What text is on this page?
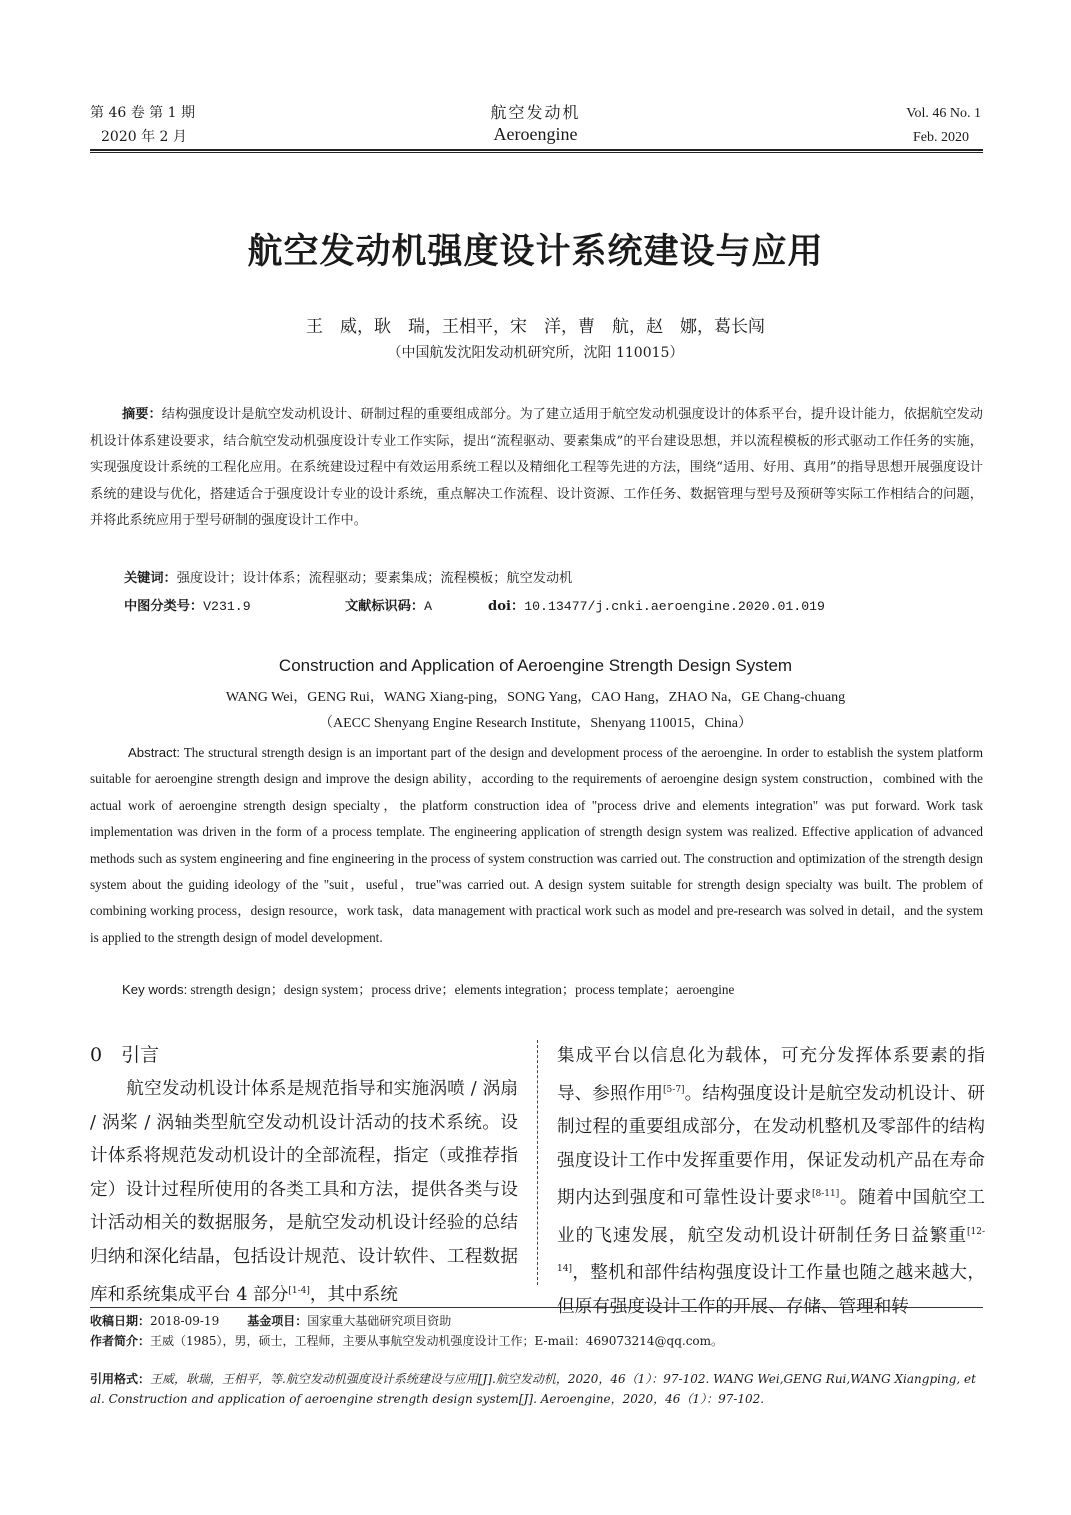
第 46 卷 第 1 期
2020 年 2 月
航空发动机
Aeroengine
Vol. 46 No. 1
Feb. 2020
航空发动机强度设计系统建设与应用
王　威，耿　瑞，王相平，宋　洋，曹　航，赵　娜，葛长闯
（中国航发沈阳发动机研究所，沈阳 110015）
摘要：结构强度设计是航空发动机设计、研制过程的重要组成部分。为了建立适用于航空发动机强度设计的体系平台，提升设计能力，依据航空发动机设计体系建设要求，结合航空发动机强度设计专业工作实际，提出“流程驱动、要素集成”的平台建设思想，并以流程模板的形式驱动工作任务的实施，实现强度设计系统的工程化应用。在系统建设过程中有效运用系统工程以及精细化工程等先进的方法，围绕“适用、好用、真用”的指导思想开展强度设计系统的建设与优化，搭建适合于强度设计专业的设计系统，重点解决工作流程、设计资源、工作任务、数据管理与型号及预研等实际工作相结合的问题，并将此系统应用于型号研制的强度设计工作中。
关键词：强度设计；设计体系；流程驱动；要素集成；流程模板；航空发动机
中图分类号：V231.9	文献标识码：A	doi：10.13477/j.cnki.aeroengine.2020.01.019
Construction and Application of Aeroengine Strength Design System
WANG Wei，GENG Rui，WANG Xiang-ping，SONG Yang，CAO Hang，ZHAO Na，GE Chang-chuang
（AECC Shenyang Engine Research Institute，Shenyang 110015，China）
Abstract: The structural strength design is an important part of the design and development process of the aeroengine. In order to establish the system platform suitable for aeroengine strength design and improve the design ability，according to the requirements of aeroengine design system construction，combined with the actual work of aeroengine strength design specialty，the platform construction idea of "process drive and elements integration" was put forward. Work task implementation was driven in the form of a process template. The engineering application of strength design system was realized. Effective application of advanced methods such as system engineering and fine engineering in the process of system construction was carried out. The construction and optimization of the strength design system about the guiding ideology of the "suit，useful，true"was carried out. A design system suitable for strength design specialty was built. The problem of combining working process，design resource，work task，data management with practical work such as model and pre-research was solved in detail，and the system is applied to the strength design of model development.
Key words: strength design；design system；process drive；elements integration；process template；aeroengine
0　引言
航空发动机设计体系是规范指导和实施涡喷 / 涡扇 / 涡桨 / 涡轴类型航空发动机设计活动的技术系统。设计体系将规范发动机设计的全部流程，指定（或推荐指定）设计过程所使用的各类工具和方法，提供各类与设计活动相关的数据服务，是航空发动机设计经验的总结归纳和深化结晶，包括设计规范、设计软件、工程数据库和系统集成平台 4 部分[1-4]，其中系统
集成平台以信息化为载体，可充分发挥体系要素的指导、参照作用[5-7]。结构强度设计是航空发动机设计、研制过程的重要组成部分，在发动机整机及零部件的结构强度设计工作中发挥重要作用，保证发动机产品在寿命期内达到强度和可靠性设计要求[8-11]。随着中国航空工业的飞速发展，航空发动机设计研制任务日益繁重[12-14]，整机和部件结构强度设计工作量也随之越来越大，但原有强度设计工作的开展、存储、管理和转
收稿日期：2018-09-19 基金项目：国家重大基础研究项目资助
作者简介：王威（1985），男，硕士，工程师，主要从事航空发动机强度设计工作；E-mail：469073214@qq.com。
引用格式：王威，耿瑞，王相平，等.航空发动机强度设计系统建设与应用[J].航空发动机，2020，46（1）：97-102. WANG Wei,GENG Rui,WANG Xiangping, et al. Construction and application of aeroengine strength design system[J]. Aeroengine，2020，46（1）：97-102.
